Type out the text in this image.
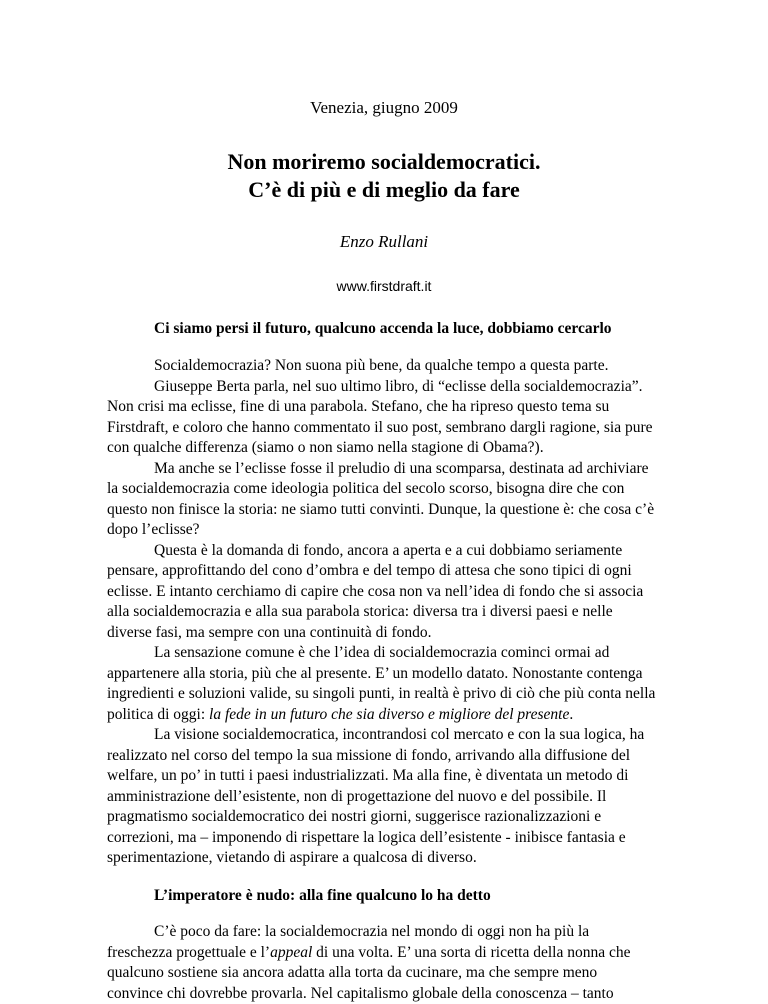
Venezia, giugno 2009
Non moriremo socialdemocratici.
C’è di più e di meglio da fare
Enzo Rullani
www.firstdraft.it
Ci siamo persi il futuro, qualcuno accenda la luce, dobbiamo cercarlo
Socialdemocrazia? Non suona più bene, da qualche tempo a questa parte.
Giuseppe Berta parla, nel suo ultimo libro, di “eclisse della socialdemocrazia”.
Non crisi ma eclisse, fine di una parabola. Stefano, che ha ripreso questo tema su
Firstdraft, e coloro che hanno commentato il suo post, sembrano dargli ragione, sia pure
con qualche differenza (siamo o non siamo nella stagione di Obama?).
Ma anche se l’eclisse fosse il preludio di una scomparsa, destinata ad archiviare
la socialdemocrazia come ideologia politica del secolo scorso, bisogna dire che con
questo non finisce la storia: ne siamo tutti convinti. Dunque, la questione è: che cosa c’è
dopo l’eclisse?
Questa è la domanda di fondo, ancora a aperta e a cui dobbiamo seriamente
pensare, approfittando del cono d’ombra e del tempo di attesa che sono tipici di ogni
eclisse. E intanto cerchiamo di capire che cosa non va nell’idea di fondo che si associa
alla socialdemocrazia e alla sua parabola storica: diversa tra i diversi paesi e nelle
diverse fasi, ma sempre con una continuità di fondo.
La sensazione comune è che l’idea di socialdemocrazia cominci ormai ad
appartenere alla storia, più che al presente. E’ un modello datato. Nonostante contenga
ingredienti e soluzioni valide, su singoli punti, in realtà è privo di ciò che più conta nella
politica di oggi: la fede in un futuro che sia diverso e migliore del presente.
La visione socialdemocratica, incontrandosi col mercato e con la sua logica, ha
realizzato nel corso del tempo la sua missione di fondo, arrivando alla diffusione del
welfare, un po’ in tutti i paesi industrializzati. Ma alla fine, è diventata un metodo di
amministrazione dell’esistente, non di progettazione del nuovo e del possibile. Il
pragmatismo socialdemocratico dei nostri giorni, suggerisce razionalizzazioni e
correzioni, ma – imponendo di rispettare la logica dell’esistente - inibisce fantasia e
sperimentazione, vietando di aspirare a qualcosa di diverso.
L’imperatore è nudo: alla fine qualcuno lo ha detto
C’è poco da fare: la socialdemocrazia nel mondo di oggi non ha più la
freschezza progettuale e l’appeal di una volta. E’ una sorta di ricetta della nonna che
qualcuno sostiene sia ancora adatta alla torta da cucinare, ma che sempre meno
convince chi dovrebbe provarla. Nel capitalismo globale della conoscenza – tanto
